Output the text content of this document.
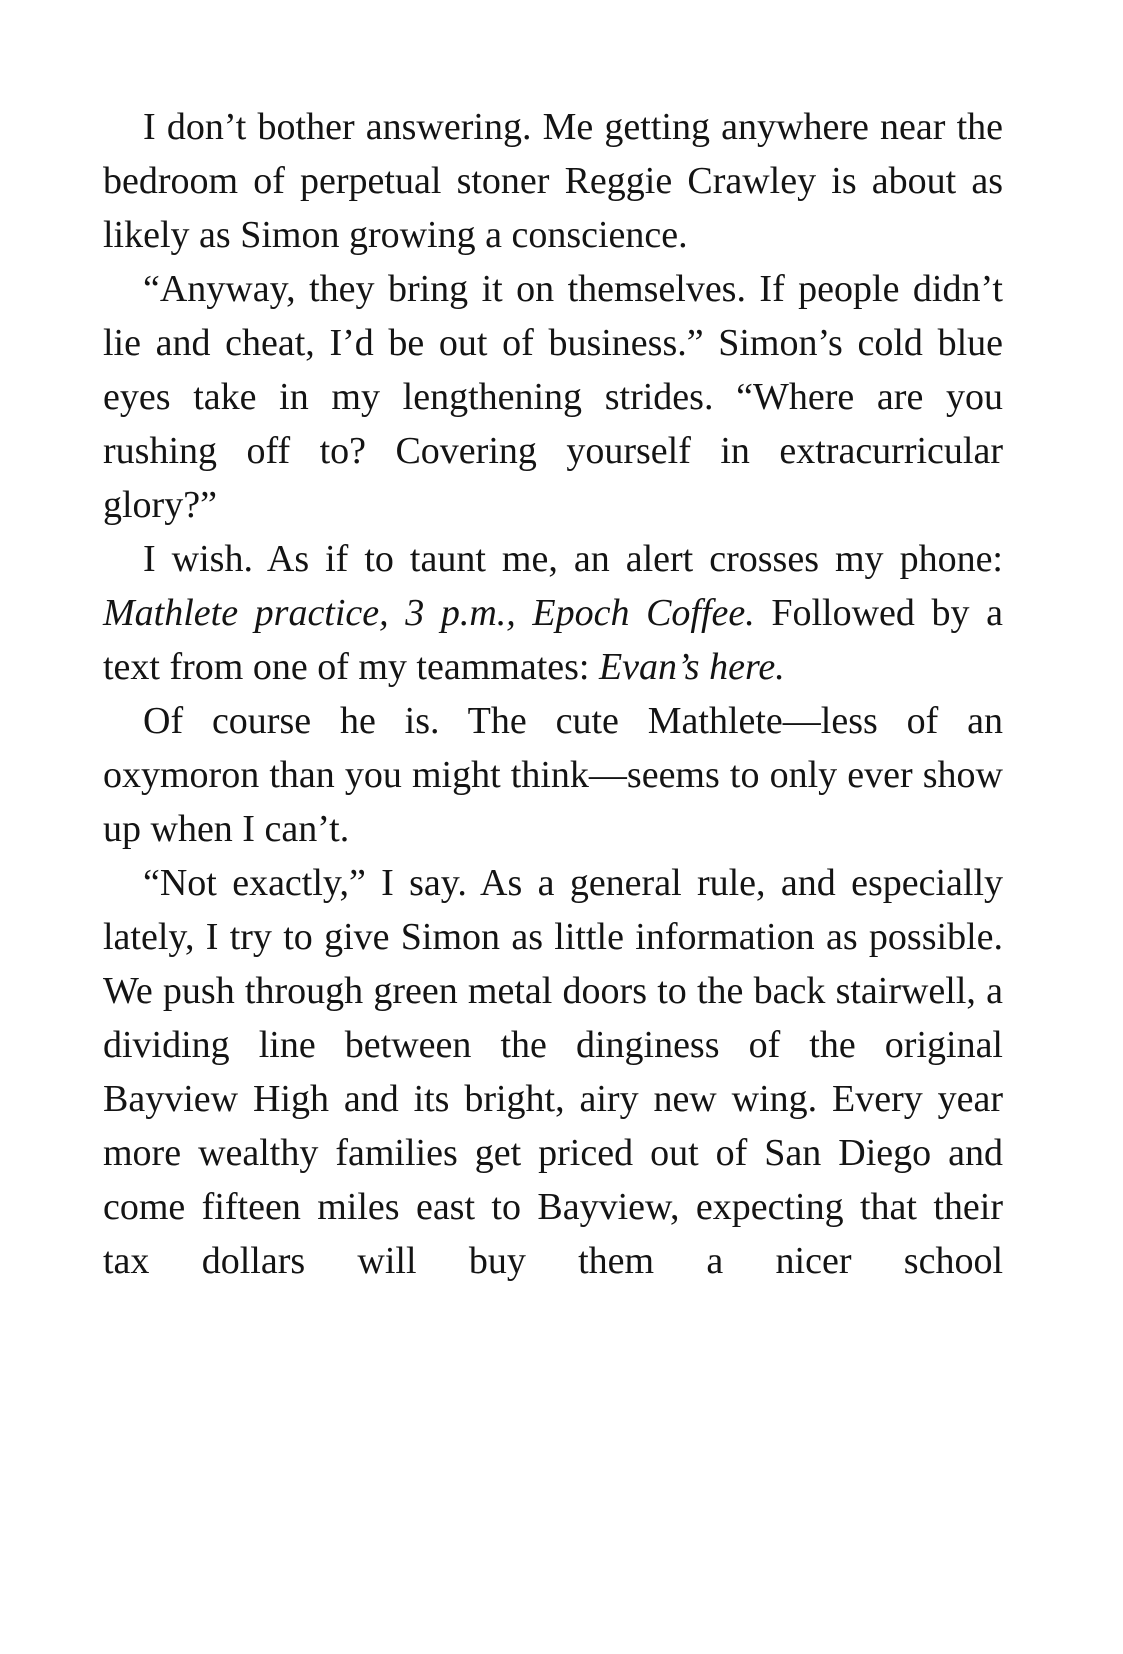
I don’t bother answering. Me getting anywhere near the bedroom of perpetual stoner Reggie Crawley is about as likely as Simon growing a conscience.

“Anyway, they bring it on themselves. If people didn’t lie and cheat, I’d be out of business.” Simon’s cold blue eyes take in my lengthening strides. “Where are you rushing off to? Covering yourself in extracurricular glory?”

I wish. As if to taunt me, an alert crosses my phone: Mathlete practice, 3 p.m., Epoch Coffee. Followed by a text from one of my teammates: Evan’s here.

Of course he is. The cute Mathlete—less of an oxymoron than you might think—seems to only ever show up when I can’t.

“Not exactly,” I say. As a general rule, and especially lately, I try to give Simon as little information as possible. We push through green metal doors to the back stairwell, a dividing line between the dinginess of the original Bayview High and its bright, airy new wing. Every year more wealthy families get priced out of San Diego and come fifteen miles east to Bayview, expecting that their tax dollars will buy them a nicer school
